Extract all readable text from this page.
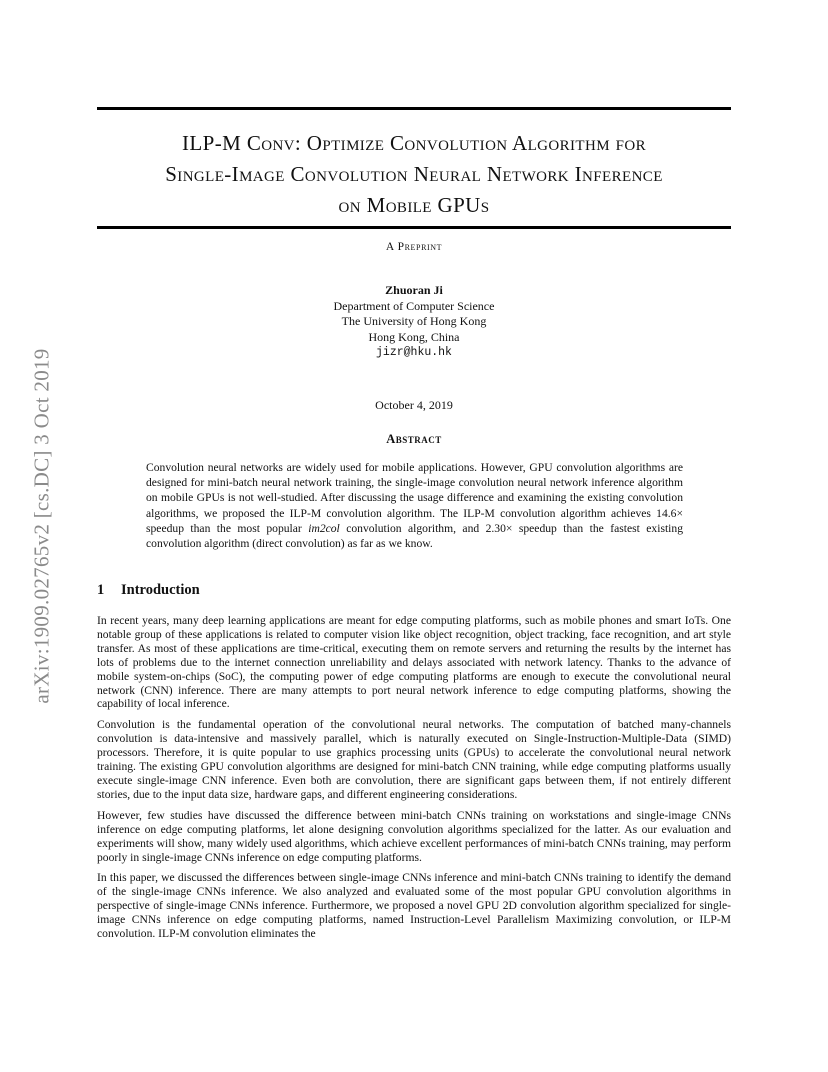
arXiv:1909.02765v2 [cs.DC] 3 Oct 2019
ILP-M Conv: Optimize Convolution Algorithm for
Single-Image Convolution Neural Network Inference
on Mobile GPUs
A Preprint
Zhuoran Ji
Department of Computer Science
The University of Hong Kong
Hong Kong, China
jizr@hku.hk
October 4, 2019
Abstract

Convolution neural networks are widely used for mobile applications. However, GPU convolution algorithms are designed for mini-batch neural network training, the single-image convolution neural network inference algorithm on mobile GPUs is not well-studied. After discussing the usage difference and examining the existing convolution algorithms, we proposed the ILP-M convolution algorithm. The ILP-M convolution algorithm achieves 14.6× speedup than the most popular im2col convolution algorithm, and 2.30× speedup than the fastest existing convolution algorithm (direct convolution) as far as we know.

1 Introduction

In recent years, many deep learning applications are meant for edge computing platforms, such as mobile phones and smart IoTs. One notable group of these applications is related to computer vision like object recognition, object tracking, face recognition, and art style transfer. As most of these applications are time-critical, executing them on remote servers and returning the results by the internet has lots of problems due to the internet connection unreliability and delays associated with network latency. Thanks to the advance of mobile system-on-chips (SoC), the computing power of edge computing platforms are enough to execute the convolutional neural network (CNN) inference. There are many attempts to port neural network inference to edge computing platforms, showing the capability of local inference.

Convolution is the fundamental operation of the convolutional neural networks. The computation of batched many-channels convolution is data-intensive and massively parallel, which is naturally executed on Single-Instruction-Multiple-Data (SIMD) processors. Therefore, it is quite popular to use graphics processing units (GPUs) to accelerate the convolutional neural network training. The existing GPU convolution algorithms are designed for mini-batch CNN training, while edge computing platforms usually execute single-image CNN inference. Even both are convolution, there are significant gaps between them, if not entirely different stories, due to the input data size, hardware gaps, and different engineering considerations.

However, few studies have discussed the difference between mini-batch CNNs training on workstations and single-image CNNs inference on edge computing platforms, let alone designing convolution algorithms specialized for the latter. As our evaluation and experiments will show, many widely used algorithms, which achieve excellent performances of mini-batch CNNs training, may perform poorly in single-image CNNs inference on edge computing platforms.

In this paper, we discussed the differences between single-image CNNs inference and mini-batch CNNs training to identify the demand of the single-image CNNs inference. We also analyzed and evaluated some of the most popular GPU convolution algorithms in perspective of single-image CNNs inference. Furthermore, we proposed a novel GPU 2D convolution algorithm specialized for single-image CNNs inference on edge computing platforms, named Instruction-Level Parallelism Maximizing convolution, or ILP-M convolution. ILP-M convolution eliminates the
